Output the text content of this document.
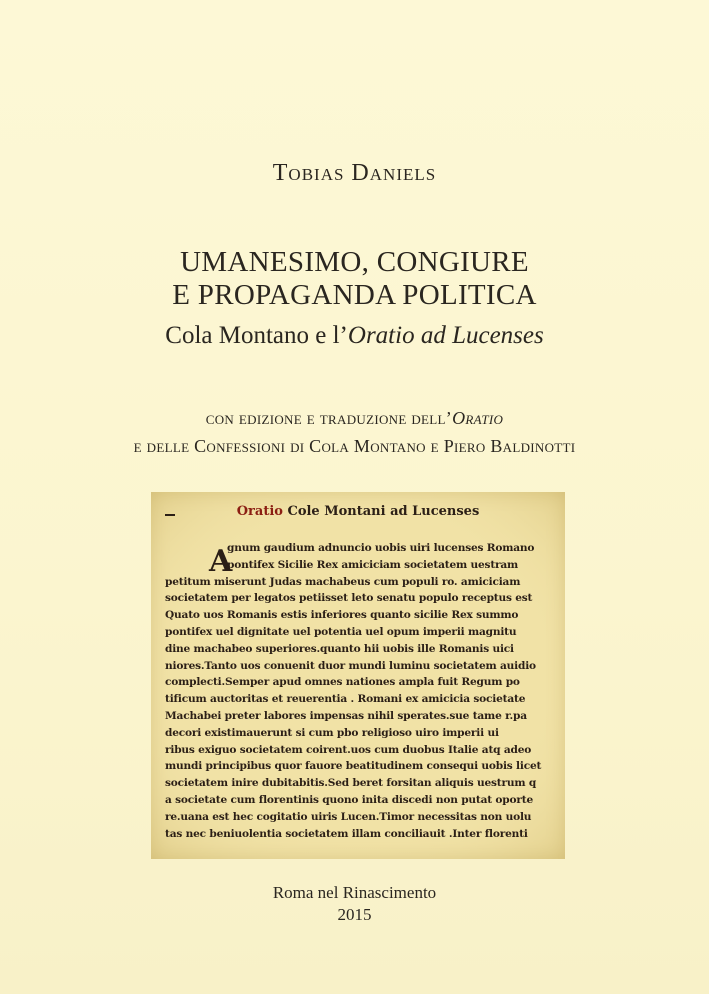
Tobias Daniels
UMANESIMO, CONGIURE
E PROPAGANDA POLITICA
Cola Montano e l’Oratio ad Lucenses
con edizione e traduzione dell’Oratio
e delle Confessioni di Cola Montano e Piero Baldinotti
Oratio Cole Montani ad Lucenses
A
gnum gaudium adnuncio uobis uiri lucenses Romano
pontifex Sicilie Rex amiciciam societatem uestram
petitum miserunt Judas machabeus cum populi ro. amiciciam
societatem per legatos petiisset leto senatu populo receptus est
Quato uos Romanis estis inferiores quanto sicilie Rex summo
pontifex uel dignitate uel potentia uel opum imperii magnitu
dine machabeo superiores.quanto hii uobis ille Romanis uici
niores.Tanto uos conuenit duor mundi luminu societatem auidio
complecti.Semper apud omnes nationes ampla fuit Regum po
tificum auctoritas et reuerentia . Romani ex amicicia societate
Machabei preter labores impensas nihil sperates.sue tame r.pa
decori existimauerunt si cum pbo religioso uiro imperii ui
ribus exiguo societatem coirent.uos cum duobus Italie atq adeo
mundi principibus quor fauore beatitudinem consequi uobis licet
societatem inire dubitabitis.Sed beret forsitan aliquis uestrum q
a societate cum florentinis quono inita discedi non putat oporte
re.uana est hec cogitatio uiris Lucen.Timor necessitas non uolu
tas nec beniuolentia societatem illam conciliauit .Inter florenti
Roma nel Rinascimento
2015
